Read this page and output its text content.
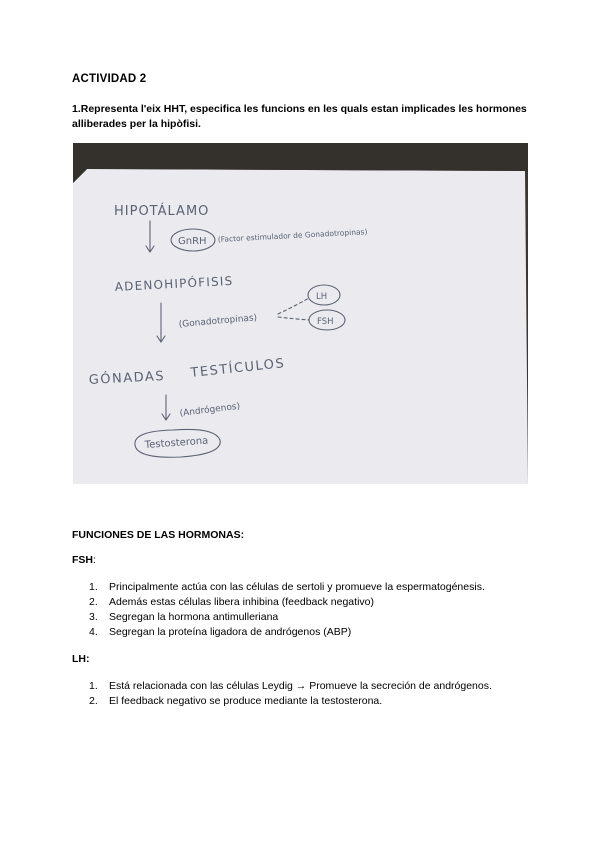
ACTIVIDAD 2
1.Representa l'eix HHT, especifica les funcions en les quals estan implicades les hormones alliberades per la hipòfisi.
HIPOTÁLAMO
GnRH (Factor estimulador de Gonadotropinas)
ADENOHIPÓFISIS
(Gonadotropinas)
LH
FSH
GÓNADAS TESTÍCULOS
(Andrógenos)
Testosterona
FUNCIONES DE LAS HORMONAS:
FSH:
1. Principalmente actúa con las células de sertoli y promueve la espermatogénesis.
2. Además estas células libera inhibina (feedback negativo)
3. Segregan la hormona antimulleriana
4. Segregan la proteína ligadora de andrógenos (ABP)
LH:
1. Está relacionada con las células Leydig → Promueve la secreción de andrógenos.
2. El feedback negativo se produce mediante la testosterona.
